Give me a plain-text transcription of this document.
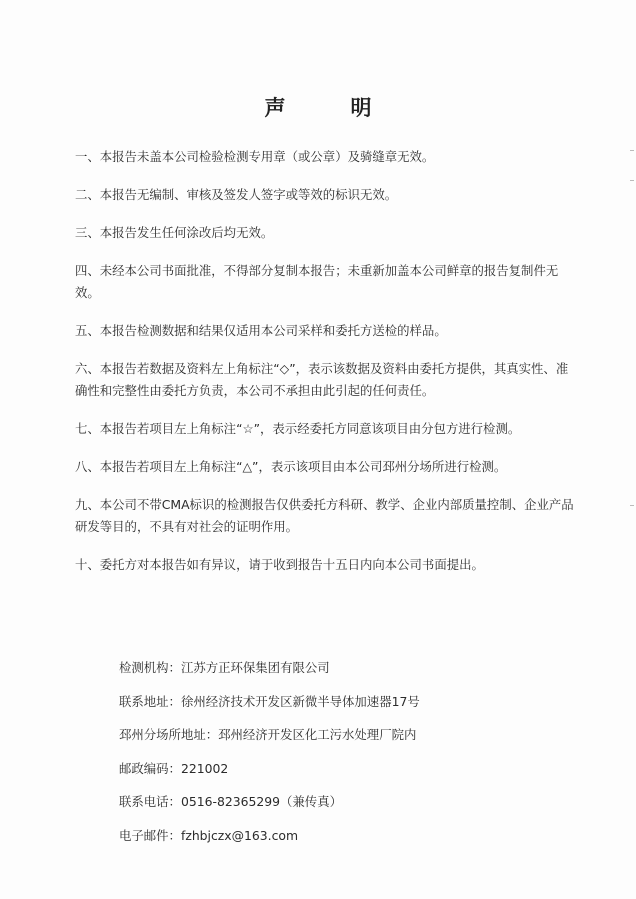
声　明

一、本报告未盖本公司检验检测专用章（或公章）及骑缝章无效。

二、本报告无编制、审核及签发人签字或等效的标识无效。

三、本报告发生任何涂改后均无效。

四、未经本公司书面批准，不得部分复制本报告；未重新加盖本公司鲜章的报告复制件无效。

五、本报告检测数据和结果仅适用本公司采样和委托方送检的样品。

六、本报告若数据及资料左上角标注“◇”，表示该数据及资料由委托方提供，其真实性、准确性和完整性由委托方负责，本公司不承担由此引起的任何责任。

七、本报告若项目左上角标注“☆”，表示经委托方同意该项目由分包方进行检测。

八、本报告若项目左上角标注“△”，表示该项目由本公司邳州分场所进行检测。

九、本公司不带CMA标识的检测报告仅供委托方科研、教学、企业内部质量控制、企业产品研发等目的，不具有对社会的证明作用。

十、委托方对本报告如有异议，请于收到报告十五日内向本公司书面提出。

检测机构：江苏方正环保集团有限公司
联系地址：徐州经济技术开发区新微半导体加速器17号
邳州分场所地址：邳州经济开发区化工污水处理厂院内
邮政编码：221002
联系电话：0516-82365299（兼传真）
电子邮件：fzhbjczx@163.com
